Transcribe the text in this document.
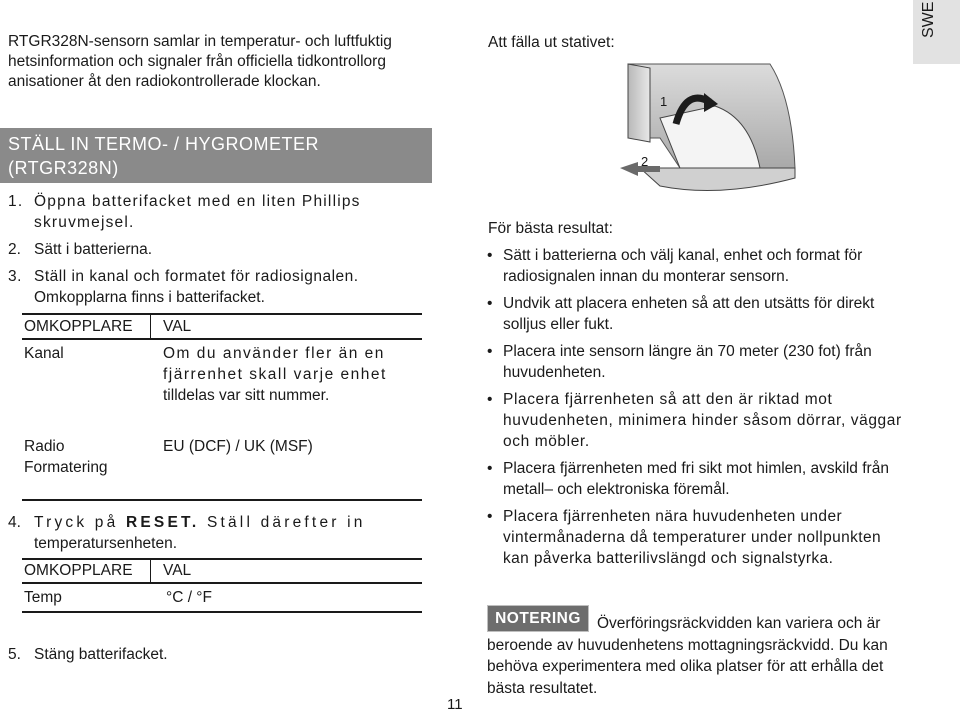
SWE
RTGR328N-sensorn samlar in temperatur- och luftfuktig hetsinformation och signaler från officiella tidkontrollorg anisationer åt den radiokontrollerade klockan.
STÄLL IN TERMO- / HYGROMETER
(RTGR328N)
1. Öppna batterifacket med en liten Phillips
skruvmejsel.
2. Sätt i batterierna.
3. Ställ in kanal och formatet för radiosignalen.
Omkopplarna finns i batterifacket.
OMKOPPLARE VAL
Kanal	Om du använder fler än en
fjärrenhet skall varje enhet
tilldelas var sitt nummer.
Radio
Formatering
EU (DCF) / UK (MSF)
4. Tryck på RESET. Ställ därefter in
temperatursenheten.
OMKOPPLARE VAL
Temp	°C / °F
5. Stäng batterifacket.
Att fälla ut stativet:
1
2
För bästa resultat:
• Sätt i batterierna och välj kanal, enhet och format för radiosignalen innan du monterar sensorn.
• Undvik att placera enheten så att den utsätts för direkt solljus eller fukt.
• Placera inte sensorn längre än 70 meter (230 fot) från huvudenheten.
• Placera fjärrenheten så att den är riktad mot huvudenheten, minimera hinder såsom dörrar, väggar och möbler.
• Placera fjärrenheten med fri sikt mot himlen, avskild från metall– och elektroniska föremål.
• Placera fjärrenheten nära huvudenheten under vintermånaderna då temperaturer under nollpunkten kan påverka batterilivslängd och signalstyrka.
Överföringsräckvidden kan variera och är beroende av huvudenhetens mottagningsräckvidd. Du kan behöva experimentera med olika platser för att erhålla det bästa resultatet.
NOTERING
11
